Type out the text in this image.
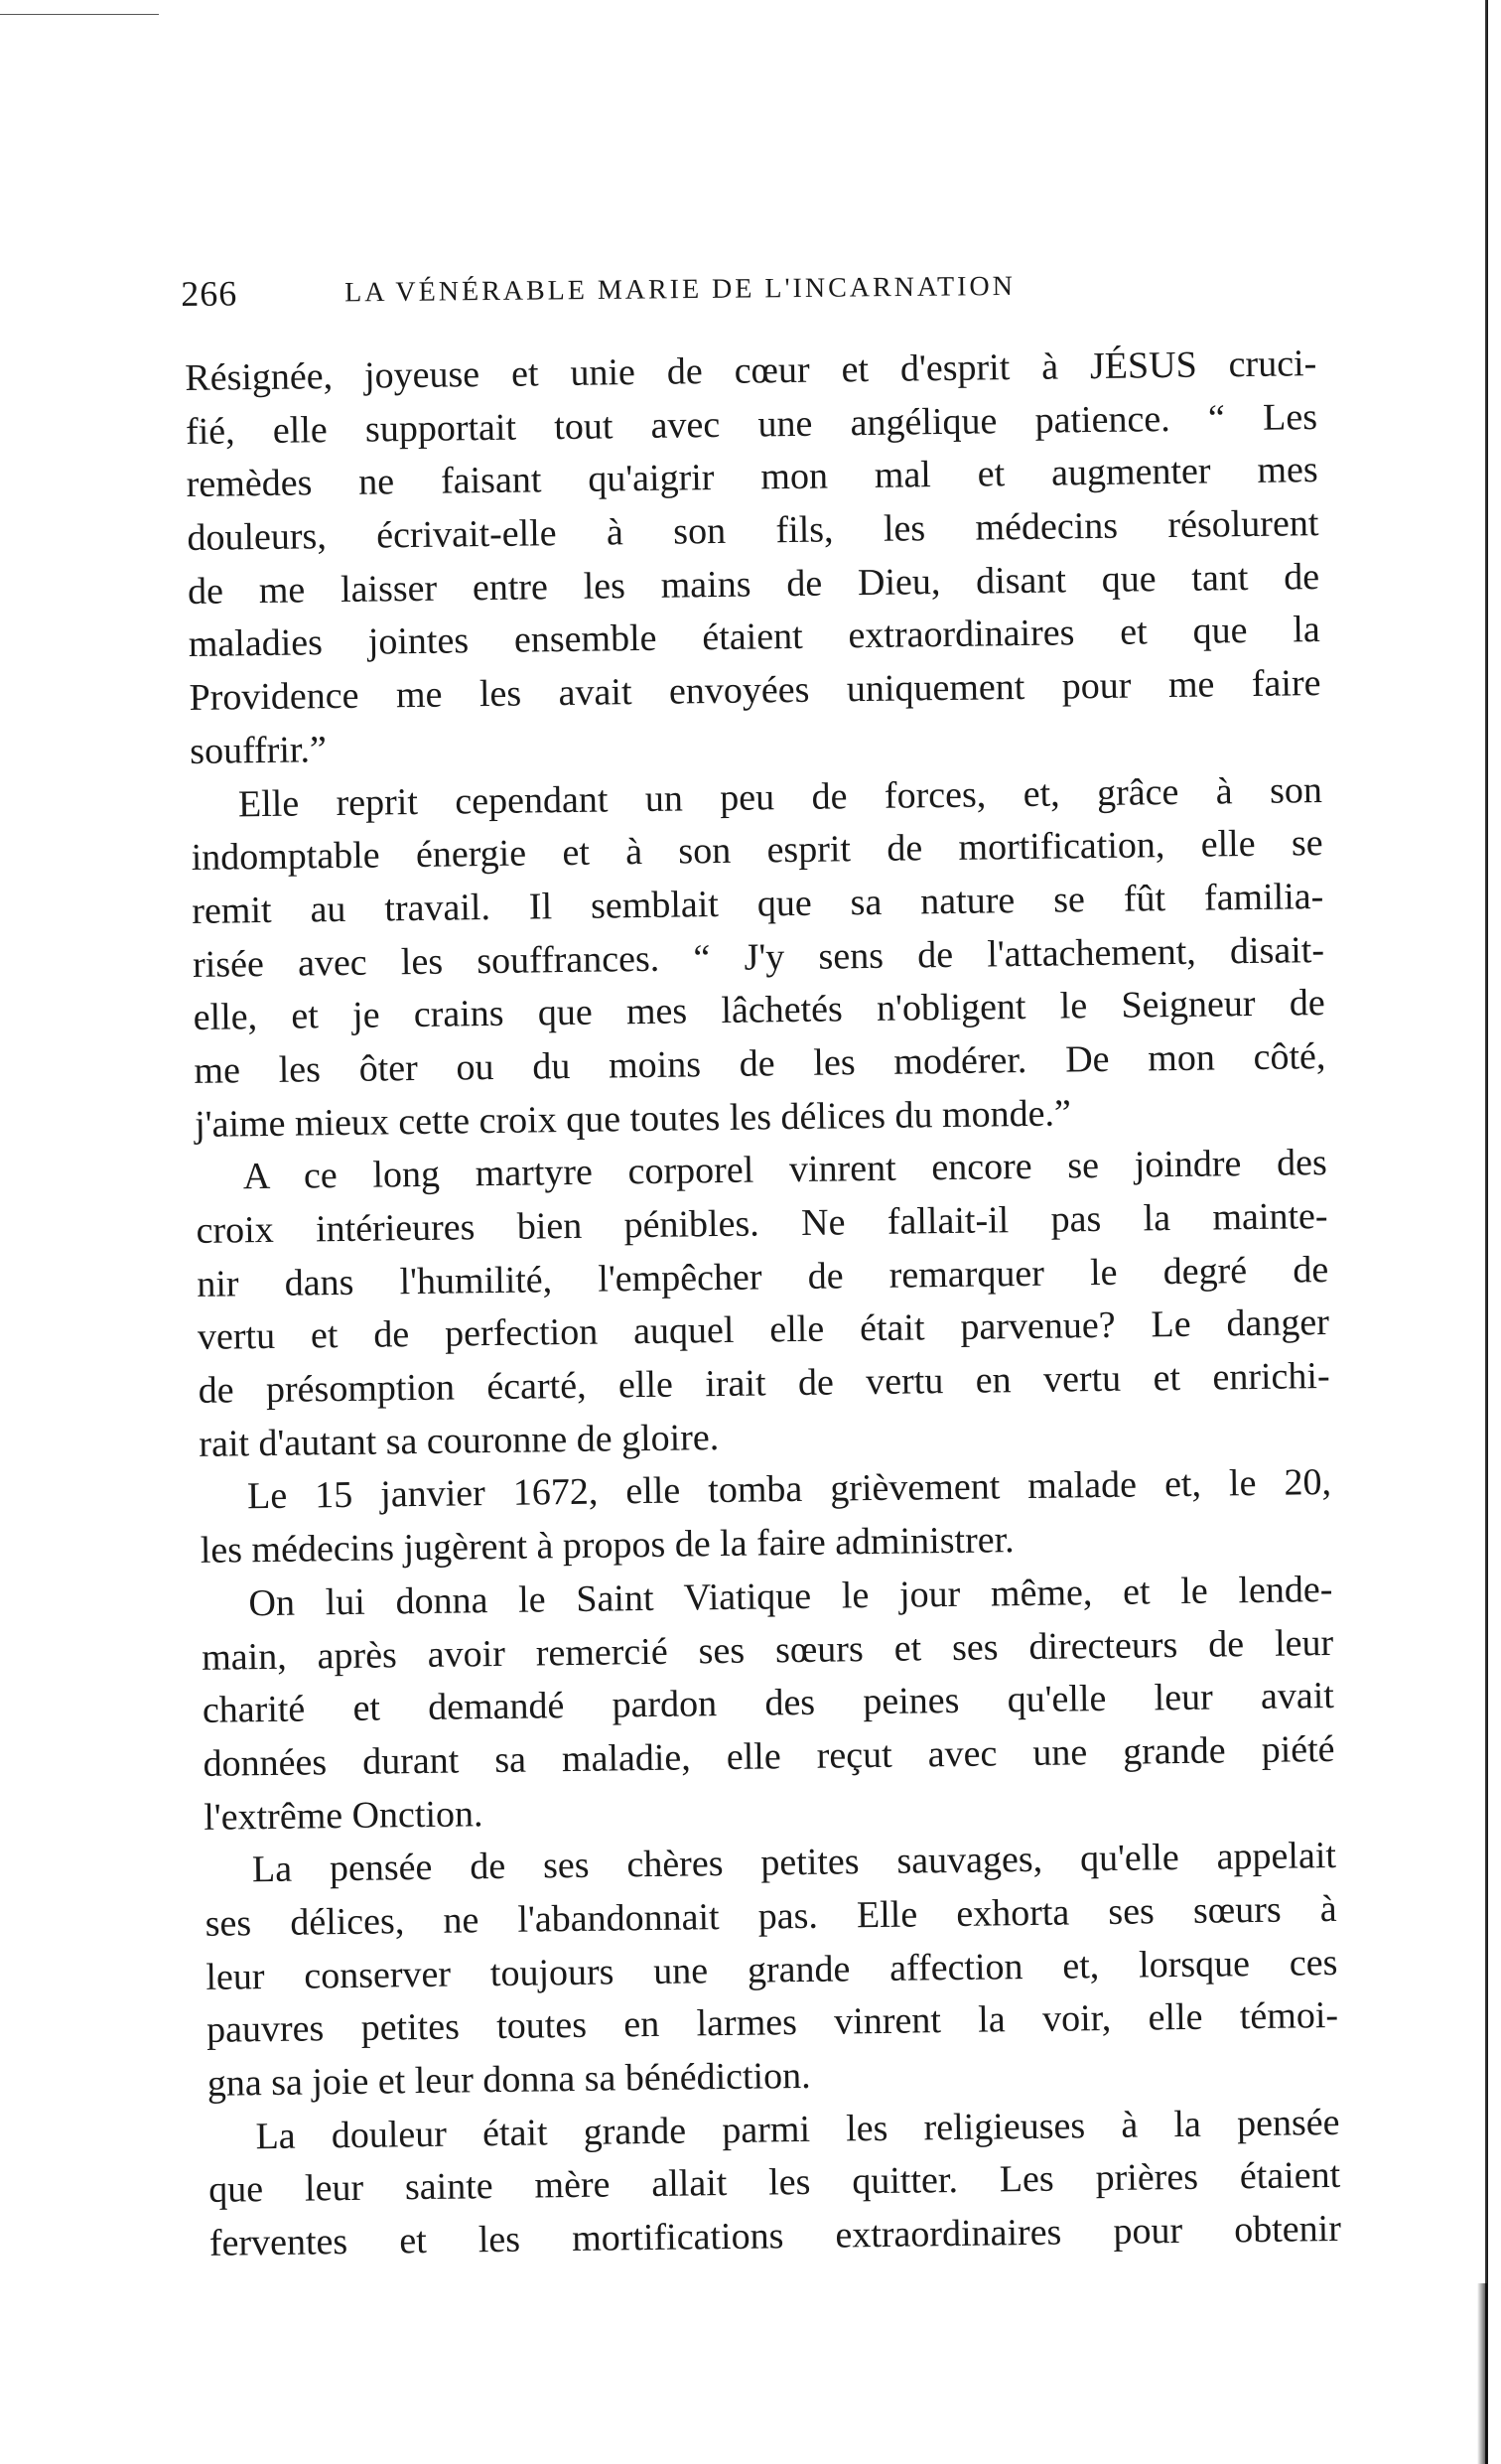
266	LA VÉNÉRABLE MARIE DE L'INCARNATION
Résignée, joyeuse et unie de cœur et d'esprit à JÉSUS cruci-
fié, elle supportait tout avec une angélique patience. “ Les
remèdes ne faisant qu'aigrir mon mal et augmenter mes
douleurs, écrivait-elle à son fils, les médecins résolurent
de me laisser entre les mains de Dieu, disant que tant de
maladies jointes ensemble étaient extraordinaires et que la
Providence me les avait envoyées uniquement pour me faire
souffrir.”
Elle reprit cependant un peu de forces, et, grâce à son
indomptable énergie et à son esprit de mortification, elle se
remit au travail. Il semblait que sa nature se fût familia-
risée avec les souffrances. “ J'y sens de l'attachement, disait-
elle, et je crains que mes lâchetés n'obligent le Seigneur de
me les ôter ou du moins de les modérer. De mon côté,
j'aime mieux cette croix que toutes les délices du monde.”
A ce long martyre corporel vinrent encore se joindre des
croix intérieures bien pénibles. Ne fallait-il pas la mainte-
nir dans l'humilité, l'empêcher de remarquer le degré de
vertu et de perfection auquel elle était parvenue? Le danger
de présomption écarté, elle irait de vertu en vertu et enrichi-
rait d'autant sa couronne de gloire.
Le 15 janvier 1672, elle tomba grièvement malade et, le 20,
les médecins jugèrent à propos de la faire administrer.
On lui donna le Saint Viatique le jour même, et le lende-
main, après avoir remercié ses sœurs et ses directeurs de leur
charité et demandé pardon des peines qu'elle leur avait
données durant sa maladie, elle reçut avec une grande piété
l'extrême Onction.
La pensée de ses chères petites sauvages, qu'elle appelait
ses délices, ne l'abandonnait pas. Elle exhorta ses sœurs à
leur conserver toujours une grande affection et, lorsque ces
pauvres petites toutes en larmes vinrent la voir, elle témoi-
gna sa joie et leur donna sa bénédiction.
La douleur était grande parmi les religieuses à la pensée
que leur sainte mère allait les quitter. Les prières étaient
ferventes et les mortifications extraordinaires pour obtenir
